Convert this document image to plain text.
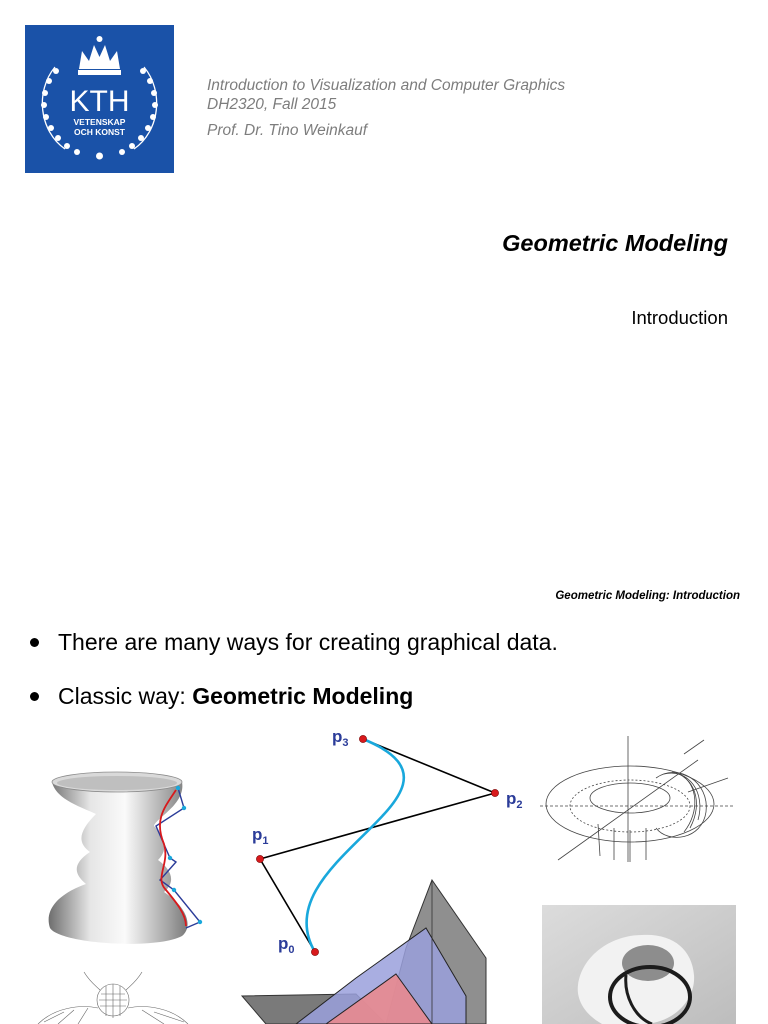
KTH
VETENSKAP
OCH KONST
Introduction to Visualization and Computer Graphics
DH2320, Fall 2015
Prof. Dr. Tino Weinkauf
Geometric Modeling
Introduction
Geometric Modeling: Introduction
There are many ways for creating graphical data.
Classic way: Geometric Modeling
$p_0$
$p_1$
$p_2$
$p_3$
